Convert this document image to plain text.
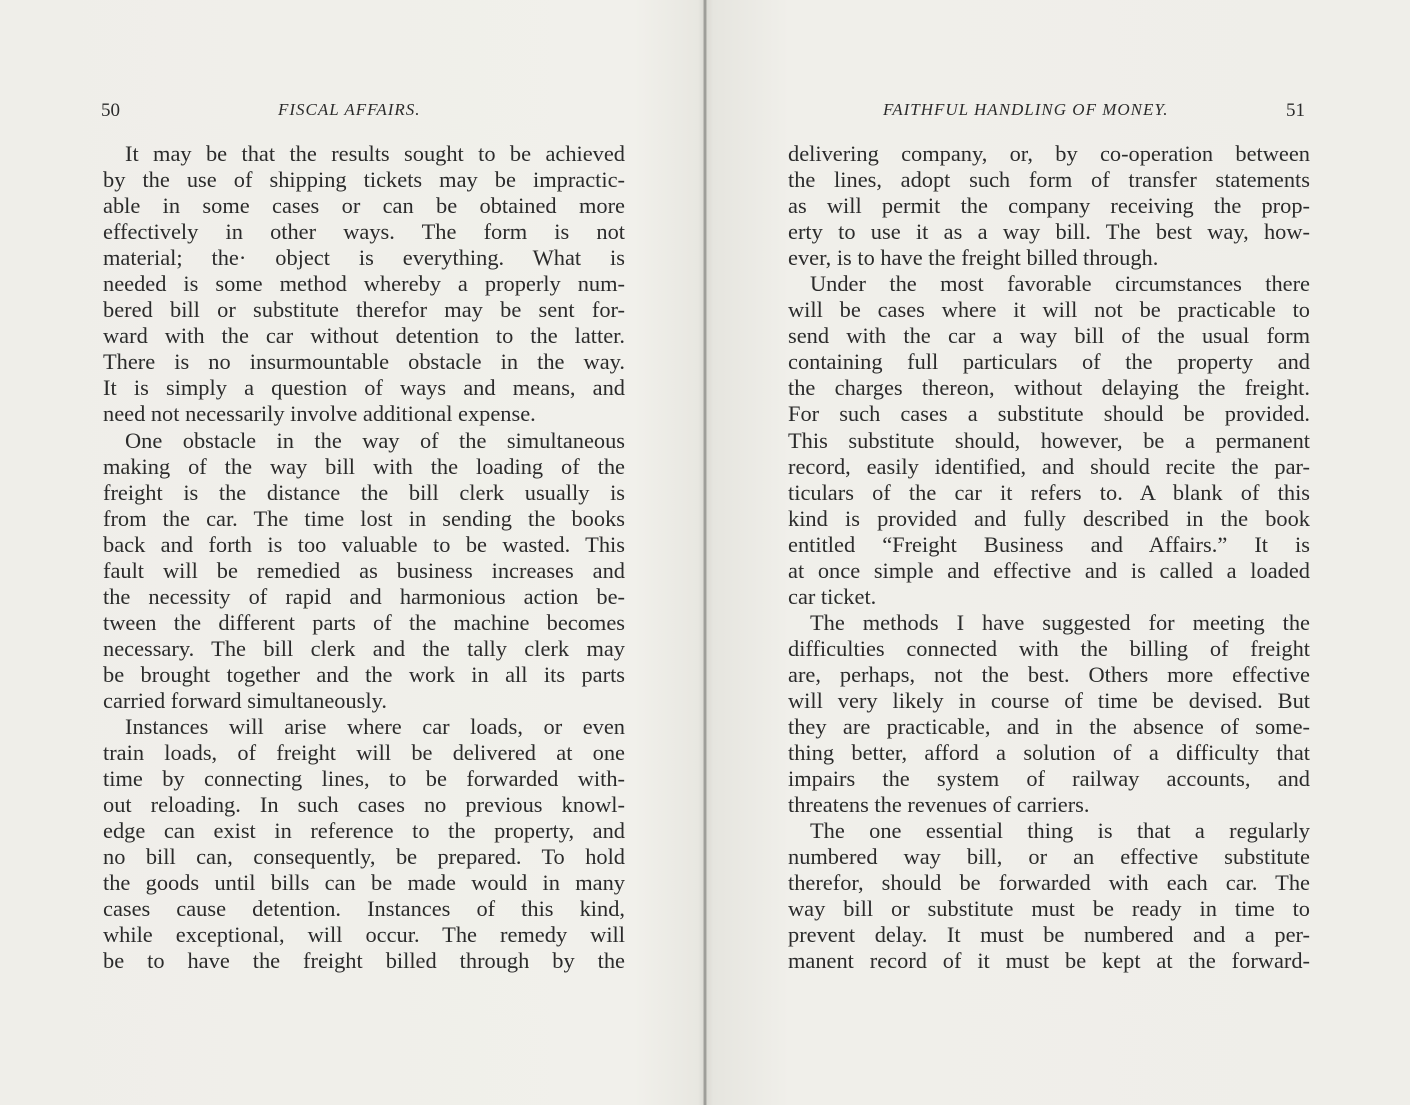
50	FISCAL AFFAIRS.

It may be that the results sought to be achieved

by the use of shipping tickets may be impractic-

able in some cases or can be obtained more

effectively in other ways. The form is not

material; the· object is everything. What is

needed is some method whereby a properly num-

bered bill or substitute therefor may be sent for-

ward with the car without detention to the latter.

There is no insurmountable obstacle in the way.

It is simply a question of ways and means, and

need not necessarily involve additional expense.

One obstacle in the way of the simultaneous

making of the way bill with the loading of the

freight is the distance the bill clerk usually is

from the car. The time lost in sending the books

back and forth is too valuable to be wasted. This

fault will be remedied as business increases and

the necessity of rapid and harmonious action be-

tween the different parts of the machine becomes

necessary. The bill clerk and the tally clerk may

be brought together and the work in all its parts

carried forward simultaneously.

Instances will arise where car loads, or even

train loads, of freight will be delivered at one

time by connecting lines, to be forwarded with-

out reloading. In such cases no previous knowl-

edge can exist in reference to the property, and

no bill can, consequently, be prepared. To hold

the goods until bills can be made would in many

cases cause detention. Instances of this kind,

while exceptional, will occur. The remedy will

be to have the freight billed through by the

FAITHFUL HANDLING OF MONEY.	51

delivering company, or, by co-operation between

the lines, adopt such form of transfer statements

as will permit the company receiving the prop-

erty to use it as a way bill. The best way, how-

ever, is to have the freight billed through.

Under the most favorable circumstances there

will be cases where it will not be practicable to

send with the car a way bill of the usual form

containing full particulars of the property and

the charges thereon, without delaying the freight.

For such cases a substitute should be provided.

This substitute should, however, be a permanent

record, easily identified, and should recite the par-

ticulars of the car it refers to. A blank of this

kind is provided and fully described in the book

entitled “Freight Business and Affairs.” It is

at once simple and effective and is called a loaded

car ticket.

The methods I have suggested for meeting the

difficulties connected with the billing of freight

are, perhaps, not the best. Others more effective

will very likely in course of time be devised. But

they are practicable, and in the absence of some-

thing better, afford a solution of a difficulty that

impairs the system of railway accounts, and

threatens the revenues of carriers.

The one essential thing is that a regularly

numbered way bill, or an effective substitute

therefor, should be forwarded with each car. The

way bill or substitute must be ready in time to

prevent delay. It must be numbered and a per-

manent record of it must be kept at the forward-
